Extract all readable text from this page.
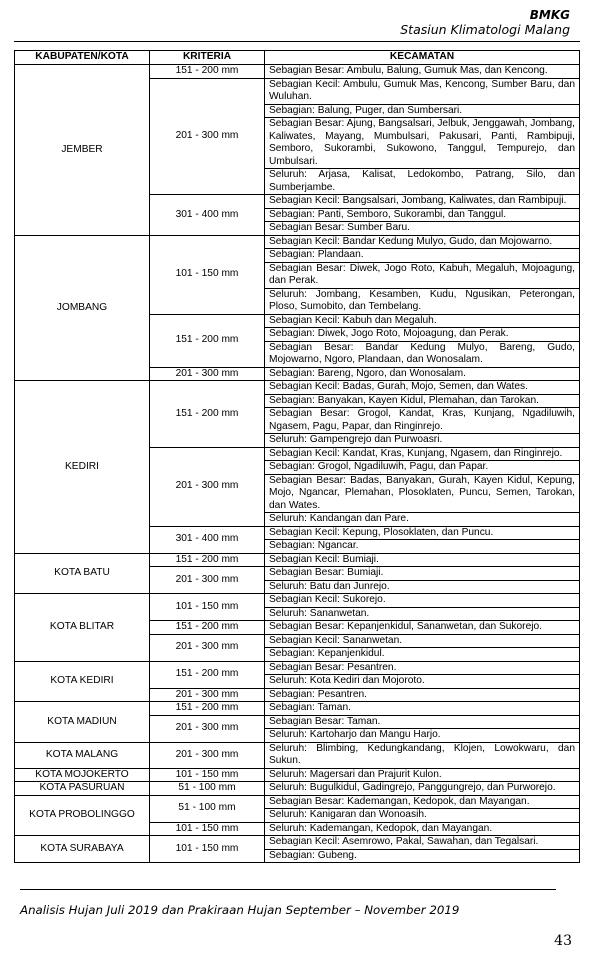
BMKG
Stasiun Klimatologi Malang
KABUPATEN/KOTA	KRITERIA	KECAMATAN
JEMBER	151 - 200 mm	Sebagian Besar: Ambulu, Balung, Gumuk Mas, dan Kencong.
	201 - 300 mm	Sebagian Kecil: Ambulu, Gumuk Mas, Kencong, Sumber Baru, dan Wuluhan.
		Sebagian: Balung, Puger, dan Sumbersari.
		Sebagian Besar: Ajung, Bangsalsari, Jelbuk, Jenggawah, Jombang, Kaliwates, Mayang, Mumbulsari, Pakusari, Panti, Rambipuji, Semboro, Sukorambi, Sukowono, Tanggul, Tempurejo, dan Umbulsari.
		Seluruh: Arjasa, Kalisat, Ledokombo, Patrang, Silo, dan Sumberjambe.
	301 - 400 mm	Sebagian Kecil: Bangsalsari, Jombang, Kaliwates, dan Rambipuji.
		Sebagian: Panti, Semboro, Sukorambi, dan Tanggul.
		Sebagian Besar: Sumber Baru.
JOMBANG	101 - 150 mm	Sebagian Kecil: Bandar Kedung Mulyo, Gudo, dan Mojowarno.
		Sebagian: Plandaan.
		Sebagian Besar: Diwek, Jogo Roto, Kabuh, Megaluh, Mojoagung, dan Perak.
		Seluruh: Jombang, Kesamben, Kudu, Ngusikan, Peterongan, Ploso, Sumobito, dan Tembelang.
	151 - 200 mm	Sebagian Kecil: Kabuh dan Megaluh.
		Sebagian: Diwek, Jogo Roto, Mojoagung, dan Perak.
		Sebagian Besar: Bandar Kedung Mulyo, Bareng, Gudo, Mojowarno, Ngoro, Plandaan, dan Wonosalam.
	201 - 300 mm	Sebagian: Bareng, Ngoro, dan Wonosalam.
KEDIRI	151 - 200 mm	Sebagian Kecil: Badas, Gurah, Mojo, Semen, dan Wates.
		Sebagian: Banyakan, Kayen Kidul, Plemahan, dan Tarokan.
		Sebagian Besar: Grogol, Kandat, Kras, Kunjang, Ngadiluwih, Ngasem, Pagu, Papar, dan Ringinrejo.
		Seluruh: Gampengrejo dan Purwoasri.
	201 - 300 mm	Sebagian Kecil: Kandat, Kras, Kunjang, Ngasem, dan Ringinrejo.
		Sebagian: Grogol, Ngadiluwih, Pagu, dan Papar.
		Sebagian Besar: Badas, Banyakan, Gurah, Kayen Kidul, Kepung, Mojo, Ngancar, Plemahan, Plosoklaten, Puncu, Semen, Tarokan, dan Wates.
		Seluruh: Kandangan dan Pare.
	301 - 400 mm	Sebagian Kecil: Kepung, Plosoklaten, dan Puncu.
		Sebagian: Ngancar.
KOTA BATU	151 - 200 mm	Sebagian Kecil: Bumiaji.
	201 - 300 mm	Sebagian Besar: Bumiaji.
		Seluruh: Batu dan Junrejo.
KOTA BLITAR	101 - 150 mm	Sebagian Kecil: Sukorejo.
		Seluruh: Sananwetan.
	151 - 200 mm	Sebagian Besar: Kepanjenkidul, Sananwetan, dan Sukorejo.
	201 - 300 mm	Sebagian Kecil: Sananwetan.
		Sebagian: Kepanjenkidul.
KOTA KEDIRI	151 - 200 mm	Sebagian Besar: Pesantren.
		Seluruh: Kota Kediri dan Mojoroto.
	201 - 300 mm	Sebagian: Pesantren.
KOTA MADIUN	151 - 200 mm	Sebagian: Taman.
	201 - 300 mm	Sebagian Besar: Taman.
		Seluruh: Kartoharjo dan Mangu Harjo.
KOTA MALANG	201 - 300 mm	Seluruh: Blimbing, Kedungkandang, Klojen, Lowokwaru, dan Sukun.
KOTA MOJOKERTO	101 - 150 mm	Seluruh: Magersari dan Prajurit Kulon.
KOTA PASURUAN	51 - 100 mm	Seluruh: Bugulkidul, Gadingrejo, Panggungrejo, dan Purworejo.
KOTA PROBOLINGGO	51 - 100 mm	Sebagian Besar: Kademangan, Kedopok, dan Mayangan.
		Seluruh: Kanigaran dan Wonoasih.
	101 - 150 mm	Seluruh: Kademangan, Kedopok, dan Mayangan.
KOTA SURABAYA	101 - 150 mm	Sebagian Kecil: Asemrowo, Pakal, Sawahan, dan Tegalsari.
		Sebagian: Gubeng.
Analisis Hujan Juli 2019 dan Prakiraan Hujan September – November 2019
43
